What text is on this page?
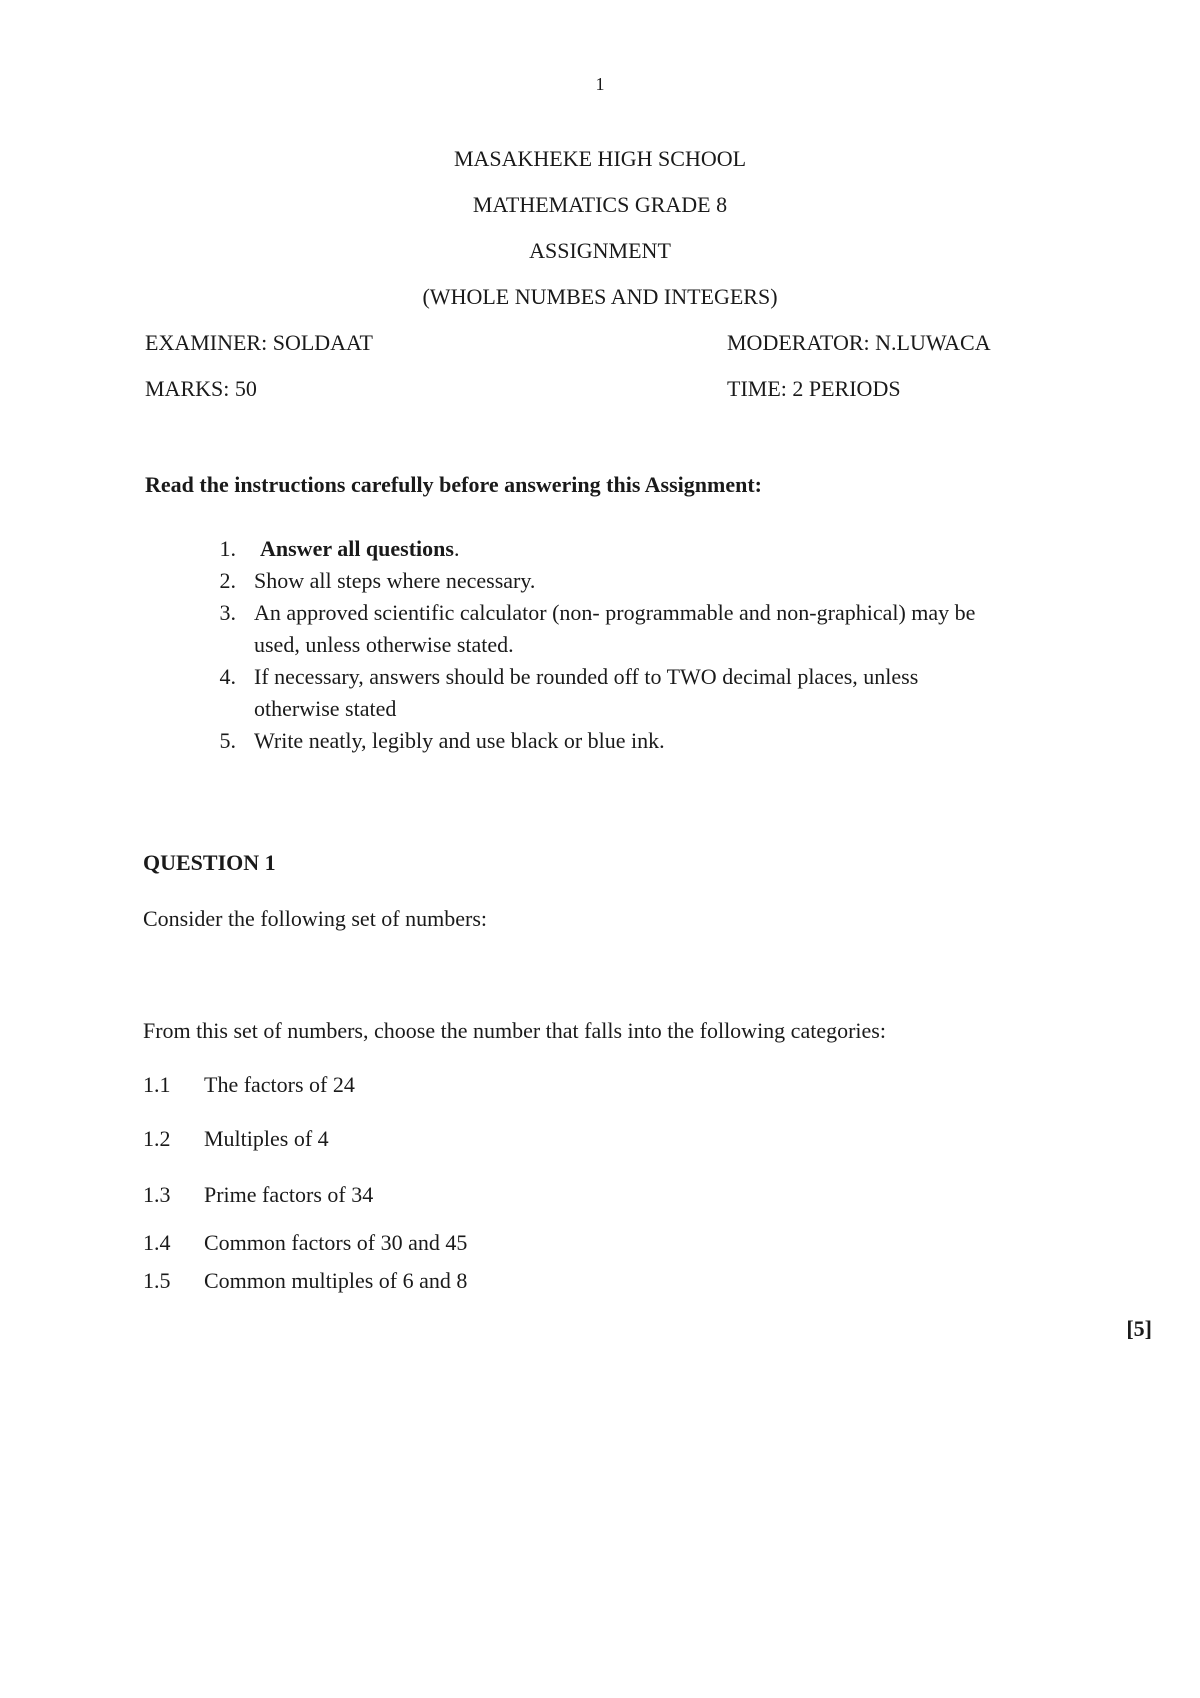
1
MASAKHEKE HIGH SCHOOL
MATHEMATICS GRADE 8
ASSIGNMENT
(WHOLE NUMBES AND INTEGERS)
EXAMINER: SOLDAAT	MODERATOR: N.LUWACA
MARKS: 50	TIME: 2 PERIODS
Read the instructions carefully before answering this Assignment:
1. Answer all questions.
2. Show all steps where necessary.
3. An approved scientific calculator (non- programmable and non-graphical) may be
used, unless otherwise stated.
4. If necessary, answers should be rounded off to TWO decimal places, unless
otherwise stated
5. Write neatly, legibly and use black or blue ink.
QUESTION 1
Consider the following set of numbers:
From this set of numbers, choose the number that falls into the following categories:
1.1 The factors of 24
1.2 Multiples of 4
1.3 Prime factors of 34
1.4 Common factors of 30 and 45
1.5 Common multiples of 6 and 8
[5]
